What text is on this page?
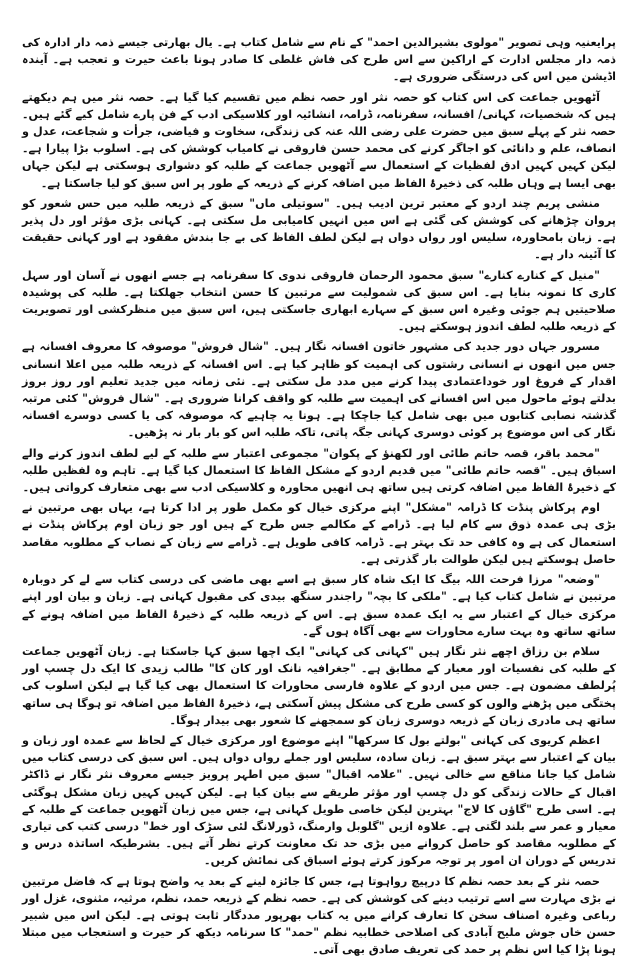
پرایعنیہ وہی تصویر "مولوی بشیرالدین احمد" کے نام سے شامل کتاب ہے۔ یال بھارتی جیسے ذمہ دار ادارہ کی ذمہ دار مجلس ادارت کے اراکین سے اس طرح کی فاش غلطی کا صادر ہونا باعث حیرت و تعجب ہے۔ آیندہ اڈیشن میں اس کی درستگی ضروری ہے۔

آٹھویں جماعت کی اس کتاب کو حصہ نثر اور حصہ نظم میں تقسیم کیا گیا ہے۔ حصہ نثر میں ہم دیکھتے ہیں کہ شخصیات، کہانی/ افسانہ، سفرنامہ، ڈرامہ، انشائیہ اور کلاسیکی ادب کے فن پارے شامل کیے گئے ہیں۔ حصہ نثر کے پہلے سبق میں حضرت علی رضی اللہ عنہ کی زندگی، سخاوت و فیاضی، جرأت و شجاعت، عدل و انصاف، علم و دانائی کو اجاگر کرنے کی محمد حسن فاروقی نے کامیاب کوشش کی ہے۔ اسلوب بڑا پیارا ہے۔ لیکن کہیں کہیں ادق لفظیات کے استعمال سے آٹھویں جماعت کے طلبہ کو دشواری ہوسکتی ہے لیکن جہاں بھی ایسا ہے وہاں طلبہ کی ذخیرۂ الفاظ میں اضافہ کرنے کے ذریعہ کے طور پر اس سبق کو لیا جاسکتا ہے۔

منشی پریم چند اردو کے معتبر ترین ادیب ہیں۔ "سوتیلی ماں" سبق کے ذریعہ طلبہ میں حس شعور کو پروان چڑھانے کی کوشش کی گئی ہے اس میں انہیں کامیابی مل سکتی ہے۔ کہانی بڑی مؤثر اور دل پذیر ہے۔ زبان بامحاورہ، سلیس اور رواں دواں ہے لیکن لطف الفاظ کی بے جا بندش مفقود ہے اور کہانی حقیقت کا آئینہ دار ہے۔

"منیل کے کنارے کنارے" سبق محمود الرحمان فاروقی ندوی کا سفرنامہ ہے جسے انھوں نے آسان اور سہل کاری کا نمونہ بنایا ہے۔ اس سبق کی شمولیت سے مرتبین کا حسن انتخاب جھلکتا ہے۔ طلبہ کی پوشیدہ صلاحیتیں ہم جوئی وغیرہ اس سبق کے سہارے ابھاری جاسکتی ہیں، اس سبق میں منظرکشی اور تصویریت کے ذریعہ طلبہ لطف اندوز ہوسکتے ہیں۔

مسرور جہاں دور جدید کی مشہور خاتون افسانہ نگار ہیں۔ "شال فروش" موصوفہ کا معروف افسانہ ہے جس میں انھوں نے انسانی رشتوں کی اہمیت کو ظاہر کیا ہے۔ اس افسانہ کے ذریعہ طلبہ میں اعلا انسانی اقدار کے فروغ اور خوداعتمادی پیدا کرنے میں مدد مل سکتی ہے۔ نئی زمانہ میں جدید تعلیم اور روز بروز بدلتے ہوئے ماحول میں اس افسانے کی اہمیت سے طلبہ کو واقف کرانا ضروری ہے۔ "شال فروش" کئی مرتبہ گذشتہ نصابی کتابوں میں بھی شامل کیا جاچکا ہے۔ ہونا یہ چاہیے کہ موصوفہ کی یا کسی دوسرے افسانہ نگار کی اس موضوع پر کوئی دوسری کہانی جگہ پاتی، تاکہ طلبہ اس کو بار بار نہ پڑھیں۔

"محمد باقر، قصہ حاتم طائی اور لکھنؤ کے پکوان" مجموعی اعتبار سے طلبہ کے لیے لطف اندوز کرنے والے اسباق ہیں۔ "قصہ حاتم طائی" میں قدیم اردو کے مشکل الفاظ کا استعمال کیا گیا ہے۔ تاہم وہ لفظیں طلبہ کے ذخیرۂ الفاظ میں اضافہ کرتی ہیں ساتھ ہی انھیں محاورہ و کلاسیکی ادب سے بھی متعارف کرواتی ہیں۔

اوم پرکاش پنڈت کا ڈرامہ "مشکل" اپنے مرکزی خیال کو مکمل طور پر ادا کرتا ہے، یہاں بھی مرتبین نے بڑی ہی عمدہ ذوق سے کام لیا ہے۔ ڈرامے کے مکالمے جس طرح کے ہیں اور جو زبان اوم پرکاش پنڈت نے استعمال کی ہے وہ کافی حد تک بہتر ہے۔ ڈرامہ کافی طویل ہے۔ ڈرامے سے زبان کے نصاب کے مطلوبہ مقاصد حاصل ہوسکتے ہیں لیکن طوالت بار گذرتی ہے۔

"وضعہ" مرزا فرحت اللہ بیگ کا ایک شاہ کار سبق ہے اسے بھی ماضی کی درسی کتاب سے لے کر دوبارہ مرتبین نے شامل کتاب کیا ہے۔ "ملکی کا بچہ" راجندر سنگھ بیدی کی مقبول کہانی ہے۔ زبان و بیان اور اپنے مرکزی خیال کے اعتبار سے یہ ایک عمدہ سبق ہے۔ اس کے ذریعہ طلبہ کے ذخیرۂ الفاظ میں اضافہ ہونے کے ساتھ ساتھ وہ بہت سارے محاورات سے بھی آگاہ ہوں گے۔

سلام بن رزاق اچھے نثر نگار ہیں "کہانی کی کہانی" ایک اچھا سبق کہا جاسکتا ہے۔ زبان آٹھویں جماعت کے طلبہ کی نفسیات اور معیار کے مطابق ہے۔ "جغرافیہ نانک اور کان کا" طالب زیدی کا ایک دل چسپ اور پُرلطف مضمون ہے۔ جس میں اردو کے علاوہ فارسی محاورات کا استعمال بھی کیا گیا ہے لیکن اسلوب کی پختگی میں پڑھنے والوں کو کسی طرح کی مشکل پیش آسکتی ہے، ذخیرۂ الفاظ میں اضافہ تو ہوگا ہی ساتھ ساتھ ہی مادری زبان کے ذریعہ دوسری زبان کو سمجھنے کا شعور بھی بیدار ہوگا۔

اعظم کریوی کی کہانی "بولتے بول کا سرکھا" اپنے موضوع اور مرکزی خیال کے لحاظ سے عمدہ اور زبان و بیان کے اعتبار سے بہتر سبق ہے۔ زبان سادہ، سلیس اور جملے رواں دواں ہیں۔ اس سبق کی درسی کتاب میں شامل کیا جانا مناقع سے خالی نہیں۔ "علامہ اقبال" سبق میں اطہر پرویز جیسے معروف نثر نگار نے ڈاکٹر اقبال کے حالات زندگی کو دل چسپ اور مؤثر طریقے سے بیان کیا ہے۔ لیکن کہیں کہیں زبان مشکل ہوگئی ہے۔ اسی طرح "گاؤں کا لاج" بہترین لیکن خاصی طویل کہانی ہے، جس میں زبان آٹھویں جماعت کے طلبہ کے معیار و عمر سے بلند لگتی ہے۔ علاوہ ازیں "گلوبل وارمنگ، ڈورلانگ لئی سڑک اور خط" درسی کتب کی تیاری کے مطلوبہ مقاصد کو حاصل کروانے میں بڑی حد تک معاونت کرتے نظر آتے ہیں۔ بشرطیکہ اساتذہ درس و تدریس کے دوران ان امور پر توجہ مرکوز کرتے ہوئے اسباق کی نمائش کریں۔

حصہ نثر کے بعد حصہ نظم کا درپیچ رواہوتا ہے، جس کا جائزہ لینے کے بعد یہ واضح ہوتا ہے کہ فاضل مرتبین نے بڑی مہارت سے اسے ترتیب دینے کی کوشش کی ہے۔ حصہ نظم کے ذریعہ حمد، نظم، مرثیہ، مثنوی، غزل اور رباعی وغیرہ اصناف سخن کا تعارف کرانے میں یہ کتاب بھرپور مددگار ثابت ہوتی ہے۔ لیکن اس میں شبیر حسن خاں جوش ملیح آبادی کی اصلاحی خطابیہ نظم "حمد" کا سرنامہ دیکھ کر حیرت و استعجاب میں مبتلا ہونا پڑا کیا اس نظم پر حمد کی تعریف صادق بھی آتی۔
